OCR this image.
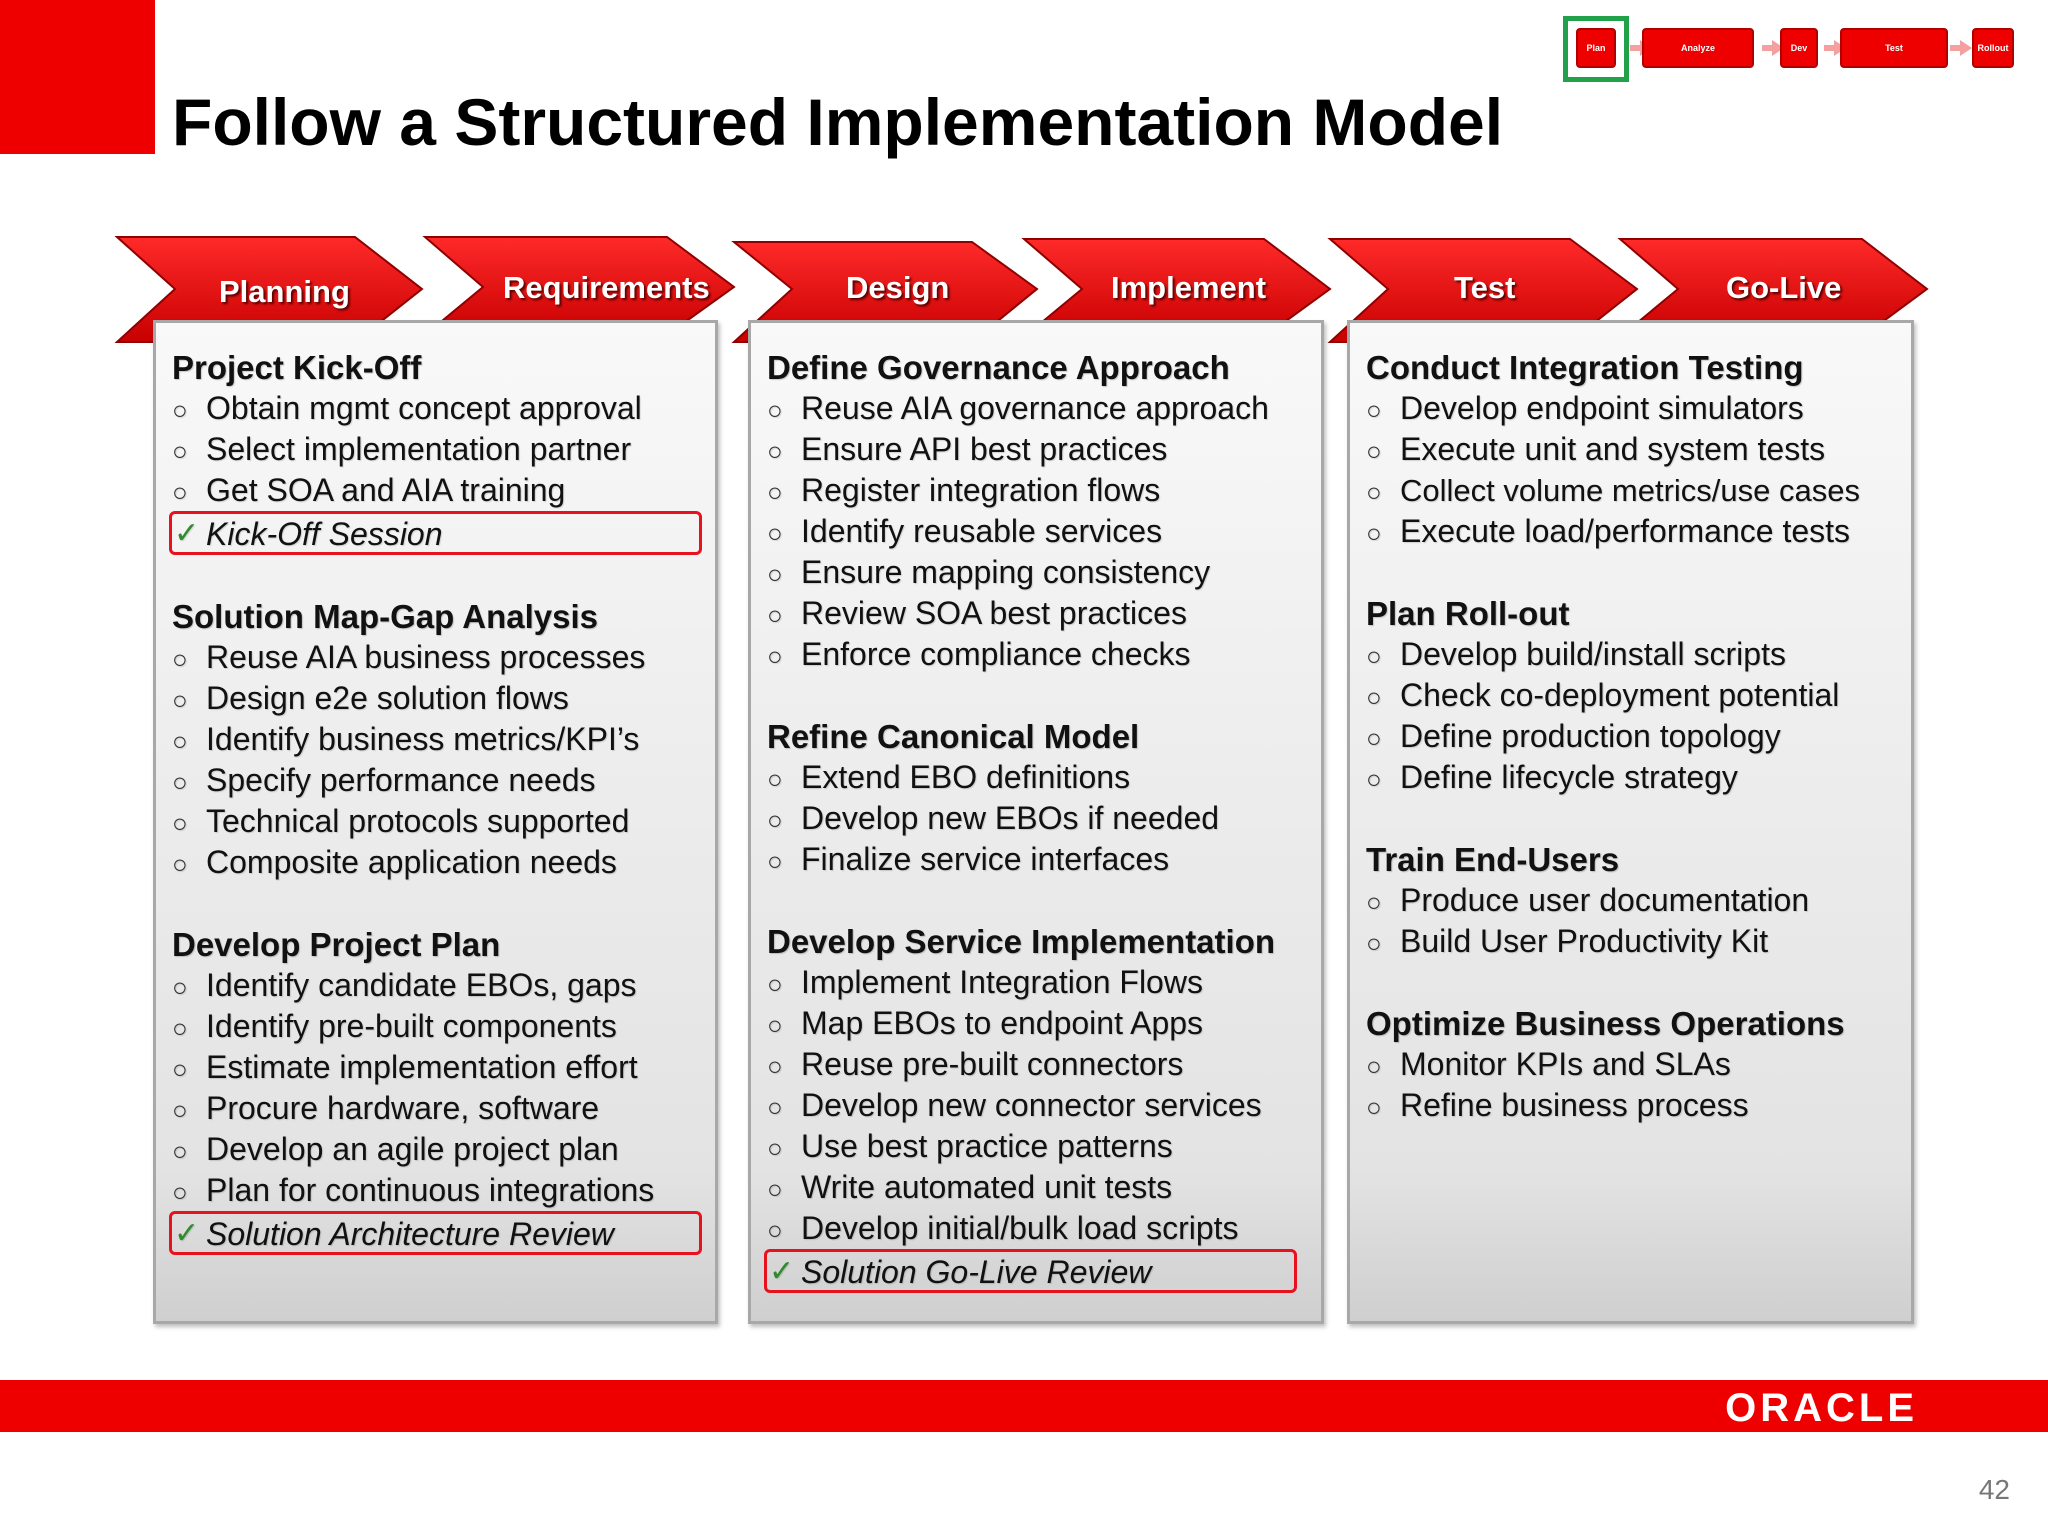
Follow a Structured Implementation Model
Plan	Analyze	Dev	Test	Rollout
Planning	Requirements	Design	Implement	Test	Go-Live
Project Kick-Off
○ Obtain mgmt concept approval
○ Select implementation partner
○ Get SOA and AIA training
✓ Kick-Off Session
Solution Map-Gap Analysis
○ Reuse AIA business processes
○ Design e2e solution flows
○ Identify business metrics/KPI’s
○ Specify performance needs
○ Technical protocols supported
○ Composite application needs
Develop Project Plan
○ Identify candidate EBOs, gaps
○ Identify pre-built components
○ Estimate implementation effort
○ Procure hardware, software
○ Develop an agile project plan
○ Plan for continuous integrations
✓ Solution Architecture Review
Define Governance Approach
○ Reuse AIA governance approach
○ Ensure API best practices
○ Register integration flows
○ Identify reusable services
○ Ensure mapping consistency
○ Review SOA best practices
○ Enforce compliance checks
Refine Canonical Model
○ Extend EBO definitions
○ Develop new EBOs if needed
○ Finalize service interfaces
Develop Service Implementation
○ Implement Integration Flows
○ Map EBOs to endpoint Apps
○ Reuse pre-built connectors
○ Develop new connector services
○ Use best practice patterns
○ Write automated unit tests
○ Develop initial/bulk load scripts
✓ Solution Go-Live Review
Conduct Integration Testing
○ Develop endpoint simulators
○ Execute unit and system tests
○ Collect volume metrics/use cases
○ Execute load/performance tests
Plan Roll-out
○ Develop build/install scripts
○ Check co-deployment potential
○ Define production topology
○ Define lifecycle strategy
Train End-Users
○ Produce user documentation
○ Build User Productivity Kit
Optimize Business Operations
○ Monitor KPIs and SLAs
○ Refine business process
ORACLE
42
